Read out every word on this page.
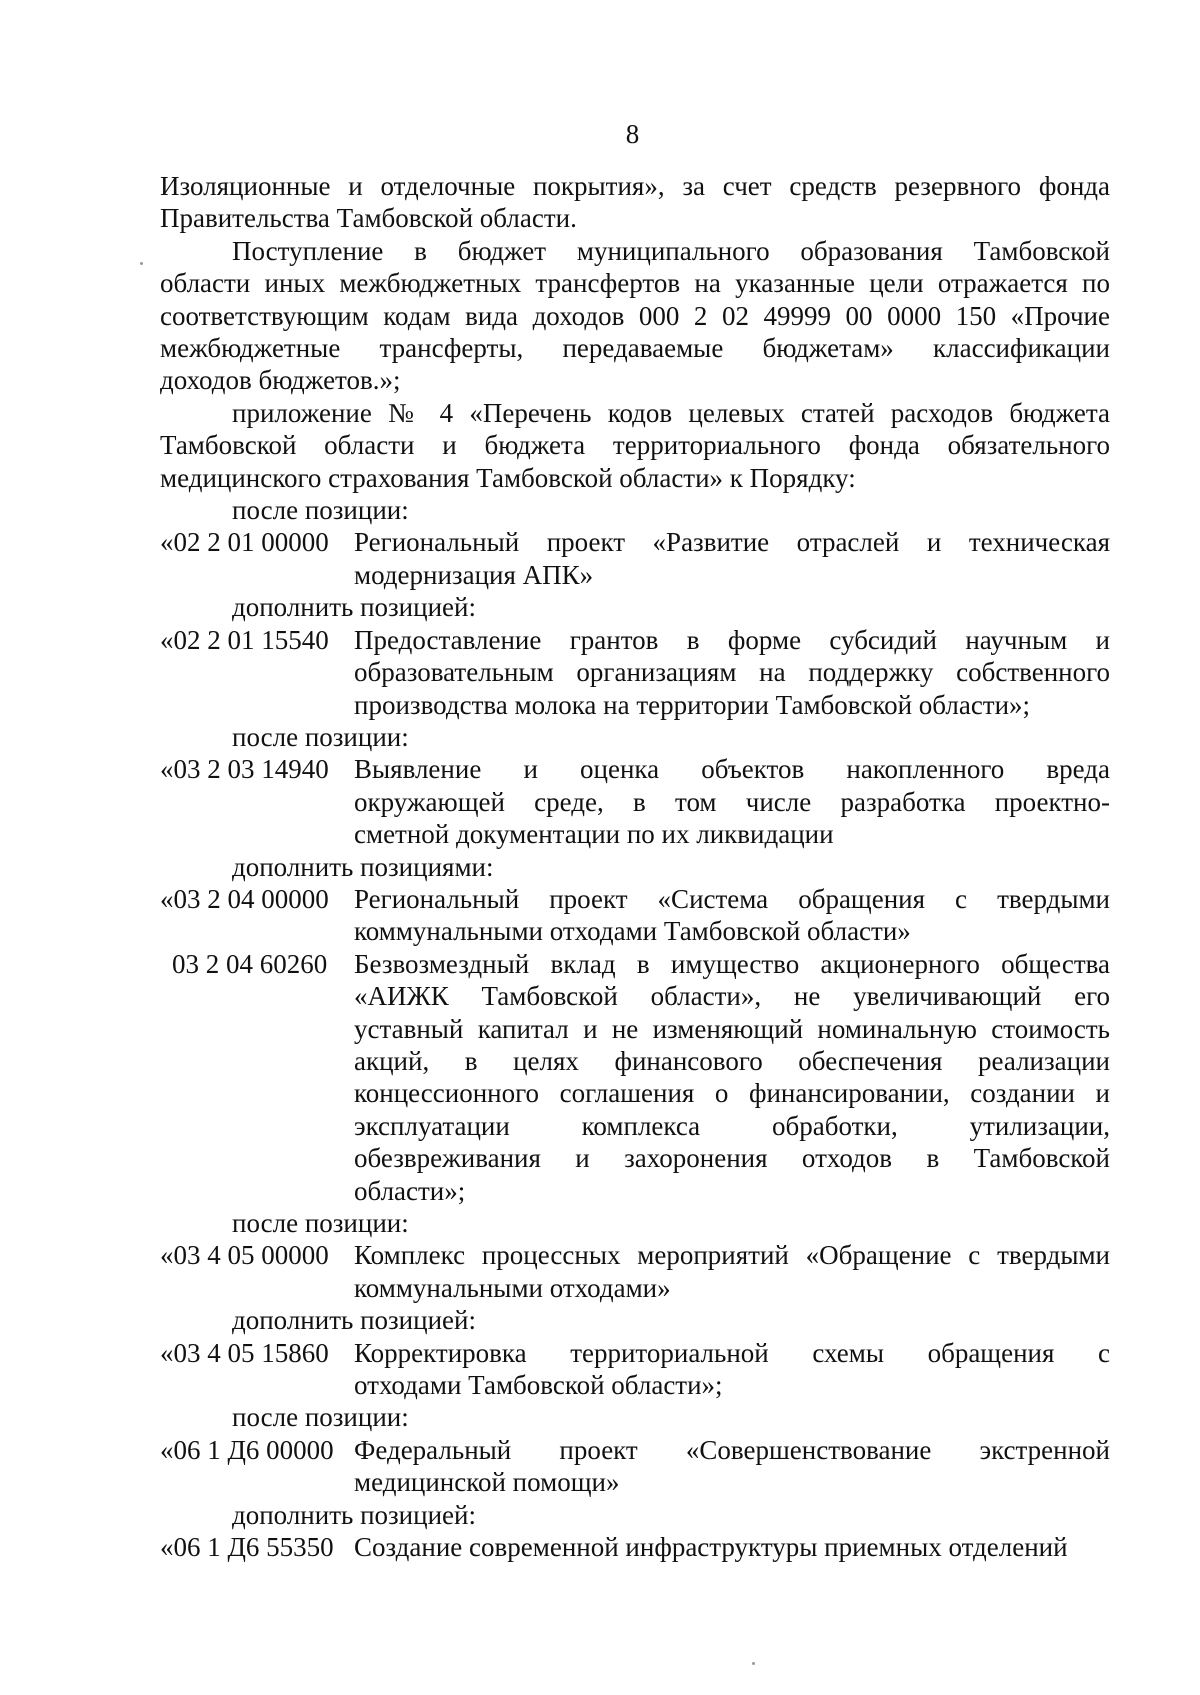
8

Изоляционные и отделочные покрытия», за счет средств резервного фонда
Правительства Тамбовской области.

Поступление в бюджет муниципального образования Тамбовской
области иных межбюджетных трансфертов на указанные цели отражается по
соответствующим кодам вида доходов 000 2 02 49999 00 0000 150 «Прочие
межбюджетные трансферты, передаваемые бюджетам» классификации
доходов бюджетов.»;

приложение № 4 «Перечень кодов целевых статей расходов бюджета
Тамбовской области и бюджета территориального фонда обязательного
медицинского страхования Тамбовской области» к Порядку:

после позиции:

«02 2 01 00000 Региональный проект «Развитие отраслей и техническая
модернизация АПК»

дополнить позицией:

«02 2 01 15540 Предоставление грантов в форме субсидий научным и
образовательным организациям на поддержку собственного
производства молока на территории Тамбовской области»;

после позиции:

«03 2 03 14940 Выявление и оценка объектов накопленного вреда
окружающей среде, в том числе разработка проектно-
сметной документации по их ликвидации

дополнить позициями:

«03 2 04 00000 Региональный проект «Система обращения с твердыми
коммунальными отходами Тамбовской области»
03 2 04 60260 Безвозмездный вклад в имущество акционерного общества
«АИЖК Тамбовской области», не увеличивающий его
уставный капитал и не изменяющий номинальную стоимость
акций, в целях финансового обеспечения реализации
концессионного соглашения о финансировании, создании и
эксплуатации комплекса обработки, утилизации,
обезвреживания и захоронения отходов в Тамбовской
области»;

после позиции:

«03 4 05 00000 Комплекс процессных мероприятий «Обращение с твердыми
коммунальными отходами»

дополнить позицией:

«03 4 05 15860 Корректировка территориальной схемы обращения с
отходами Тамбовской области»;

после позиции:

«06 1 Д6 00000 Федеральный проект «Совершенствование экстренной
медицинской помощи»

дополнить позицией:

«06 1 Д6 55350 Создание современной инфраструктуры приемных отделений
